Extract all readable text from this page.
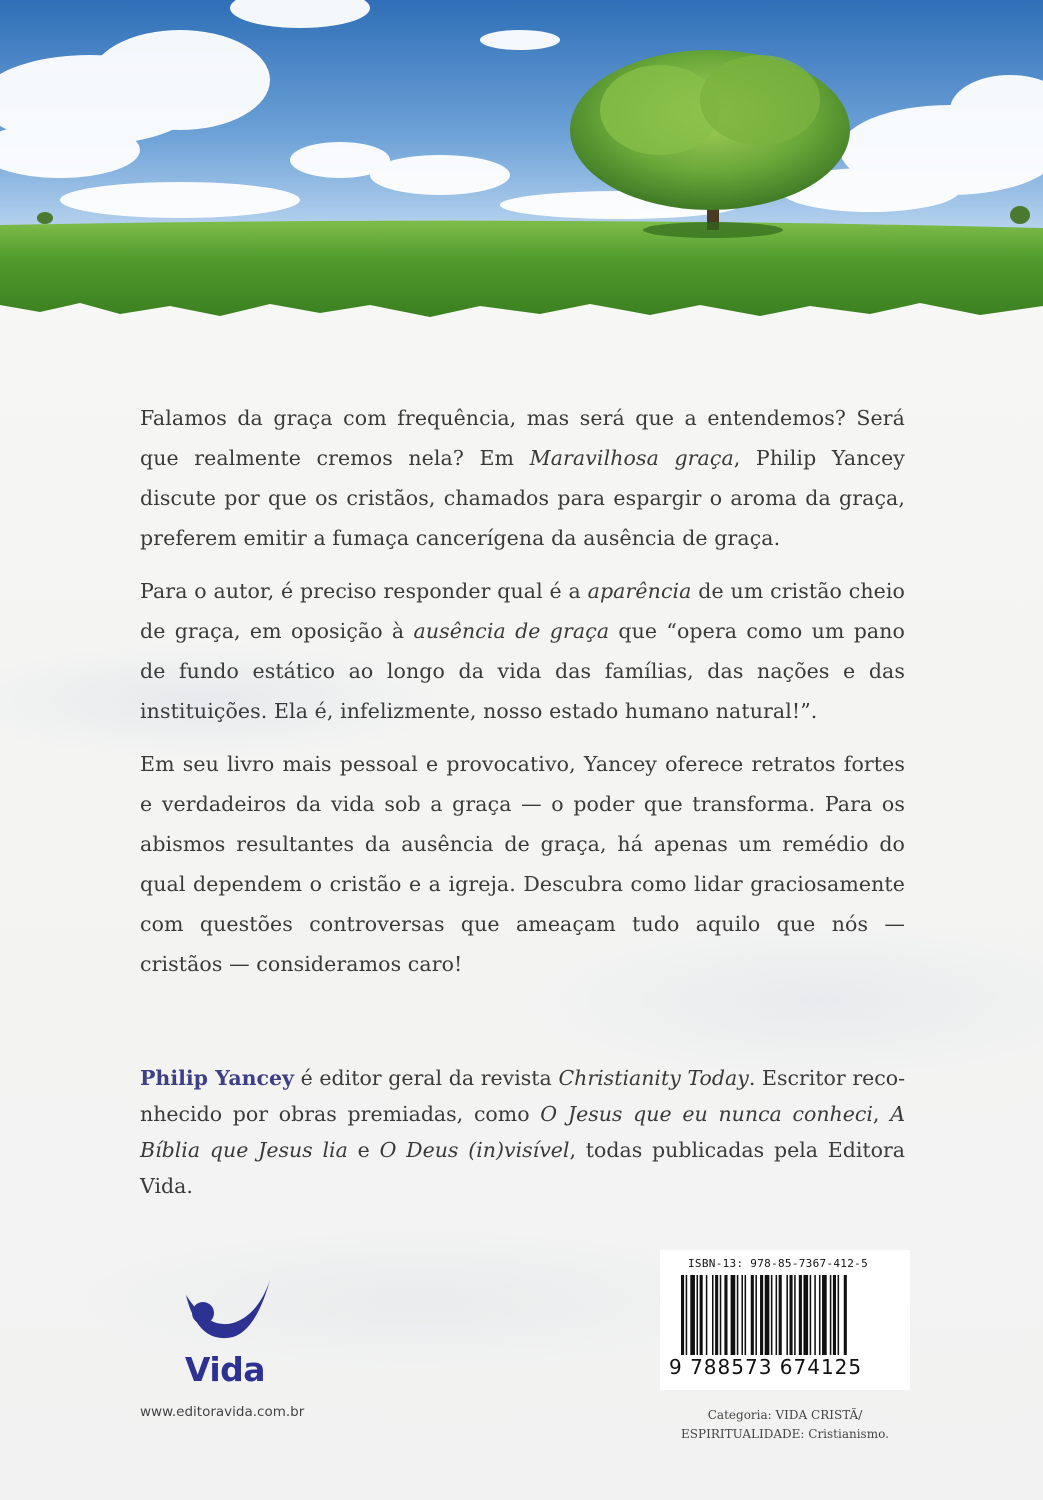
Falamos da graça com frequência, mas será que a entendemos? Será que realmente cremos nela? Em Maravilhosa graça, Philip Yancey discute por que os cristãos, chamados para espargir o aroma da graça, preferem emitir a fumaça cancerígena da ausência de graça.

Para o autor, é preciso responder qual é a aparência de um cristão cheio de graça, em oposição à ausência de graça que “opera como um pano de fundo estático ao longo da vida das famílias, das nações e das instituições. Ela é, infelizmente, nosso estado humano natural!”.

Em seu livro mais pessoal e provocativo, Yancey oferece retratos fortes e verdadeiros da vida sob a graça — o poder que transforma. Para os abismos resultantes da ausência de graça, há apenas um remédio do qual dependem o cristão e a igreja. Descubra como lidar graciosamente com questões controversas que ameaçam tudo aquilo que nós — cristãos — consideramos caro!

Philip Yancey é editor geral da revista Christianity Today. Escritor reco-nhecido por obras premiadas, como O Jesus que eu nunca conheci, A Bíblia que Jesus lia e O Deus (in)visível, todas publicadas pela Editora Vida.
Vida
www.editoravida.com.br
ISBN-13: 978-85-7367-412-5
9 788573 674125
Categoria: VIDA CRISTÃ/
ESPIRITUALIDADE: Cristianismo.
